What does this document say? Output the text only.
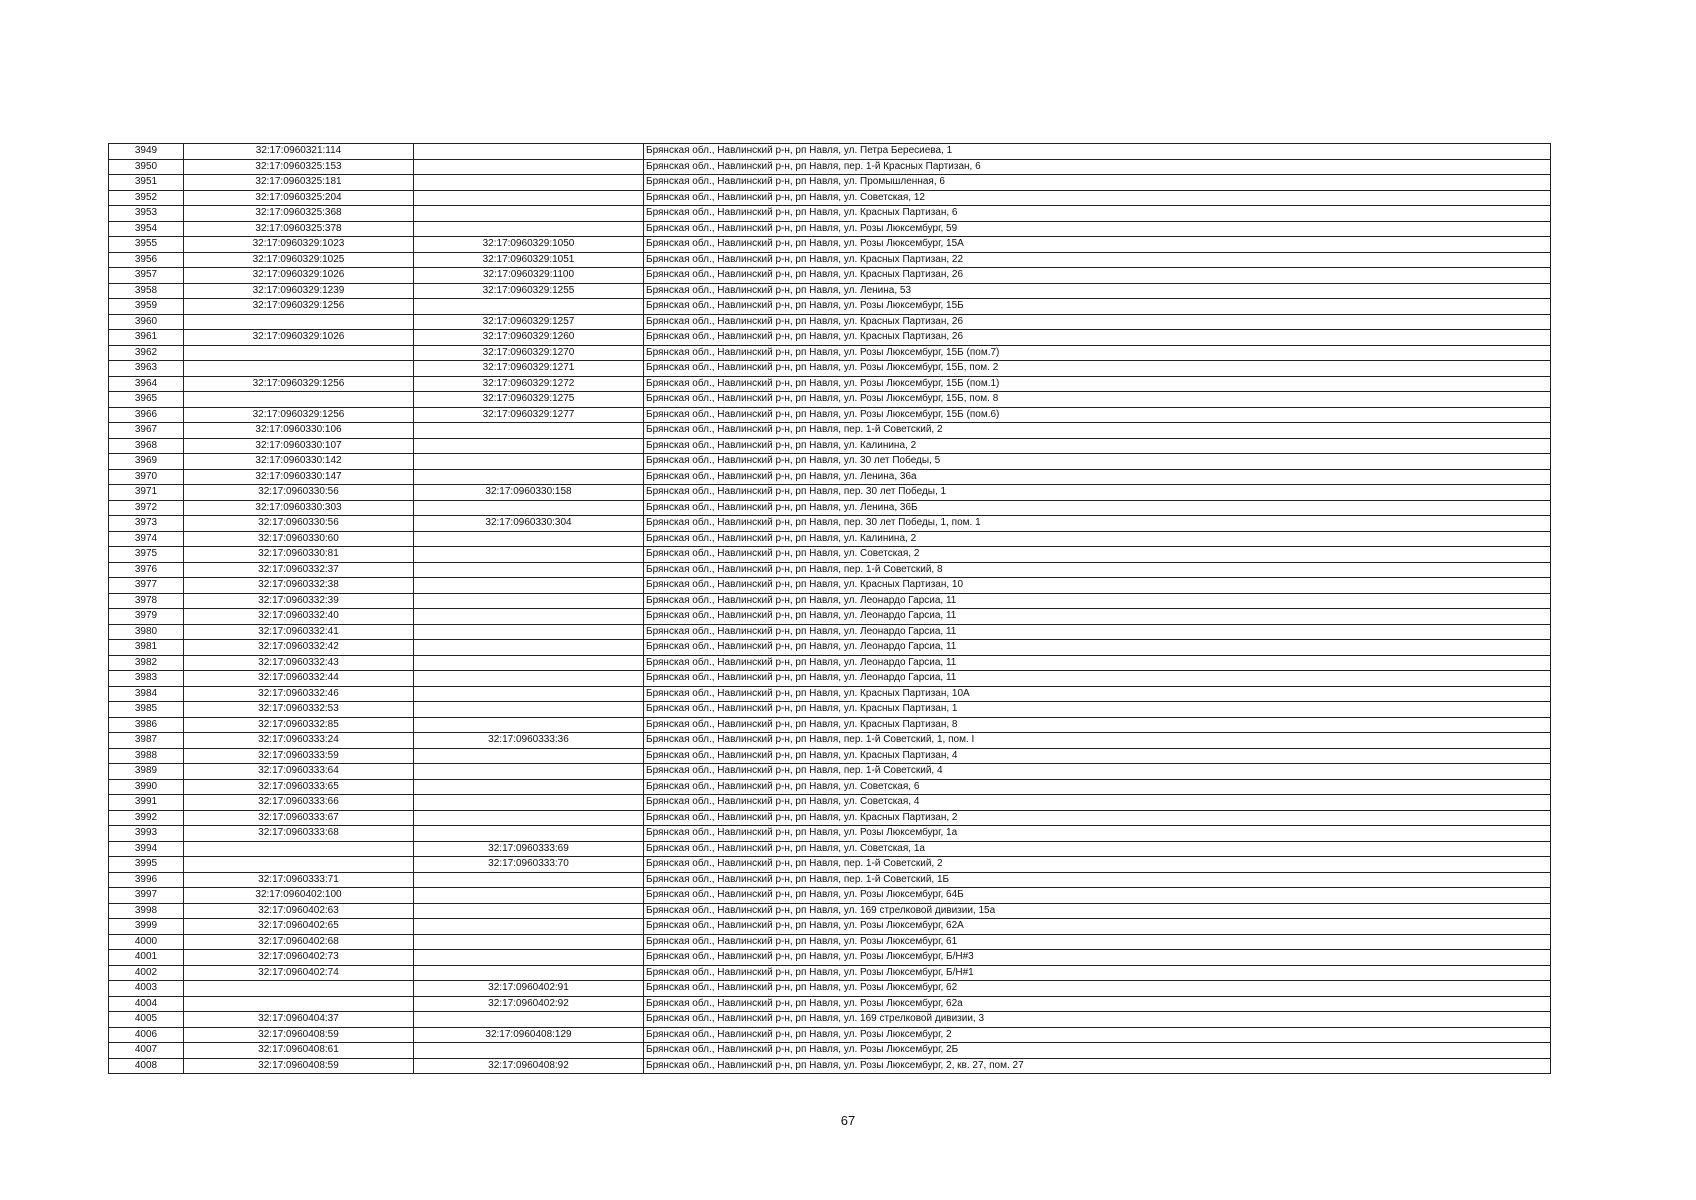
3949	32:17:0960321:114		Брянская обл., Навлинский р-н, рп Навля, ул. Петра Бересиева, 1
3950	32:17:0960325:153		Брянская обл., Навлинский р-н, рп Навля, пер. 1-й Красных Партизан, 6
3951	32:17:0960325:181		Брянская обл., Навлинский р-н, рп Навля, ул. Промышленная, 6
3952	32:17:0960325:204		Брянская обл., Навлинский р-н, рп Навля, ул. Советская, 12
3953	32:17:0960325:368		Брянская обл., Навлинский р-н, рп Навля, ул. Красных Партизан, 6
3954	32:17:0960325:378		Брянская обл., Навлинский р-н, рп Навля, ул. Розы Люксембург, 59
3955	32:17:0960329:1023	32:17:0960329:1050	Брянская обл., Навлинский р-н, рп Навля, ул. Розы Люксембург, 15А
3956	32:17:0960329:1025	32:17:0960329:1051	Брянская обл., Навлинский р-н, рп Навля, ул. Красных Партизан, 22
3957	32:17:0960329:1026	32:17:0960329:1100	Брянская обл., Навлинский р-н, рп Навля, ул. Красных Партизан, 26
3958	32:17:0960329:1239	32:17:0960329:1255	Брянская обл., Навлинский р-н, рп Навля, ул. Ленина, 53
3959	32:17:0960329:1256		Брянская обл., Навлинский р-н, рп Навля, ул. Розы Люксембург, 15Б
3960		32:17:0960329:1257	Брянская обл., Навлинский р-н, рп Навля, ул. Красных Партизан, 26
3961	32:17:0960329:1026	32:17:0960329:1260	Брянская обл., Навлинский р-н, рп Навля, ул. Красных Партизан, 26
3962		32:17:0960329:1270	Брянская обл., Навлинский р-н, рп Навля, ул. Розы Люксембург, 15Б (пом.7)
3963		32:17:0960329:1271	Брянская обл., Навлинский р-н, рп Навля, ул. Розы Люксембург, 15Б, пом. 2
3964	32:17:0960329:1256	32:17:0960329:1272	Брянская обл., Навлинский р-н, рп Навля, ул. Розы Люксембург, 15Б (пом.1)
3965		32:17:0960329:1275	Брянская обл., Навлинский р-н, рп Навля, ул. Розы Люксембург, 15Б, пом. 8
3966	32:17:0960329:1256	32:17:0960329:1277	Брянская обл., Навлинский р-н, рп Навля, ул. Розы Люксембург, 15Б (пом.6)
3967	32:17:0960330:106		Брянская обл., Навлинский р-н, рп Навля, пер. 1-й Советский, 2
3968	32:17:0960330:107		Брянская обл., Навлинский р-н, рп Навля, ул. Калинина, 2
3969	32:17:0960330:142		Брянская обл., Навлинский р-н, рп Навля, ул. 30 лет Победы, 5
3970	32:17:0960330:147		Брянская обл., Навлинский р-н, рп Навля, ул. Ленина, 36а
3971	32:17:0960330:56	32:17:0960330:158	Брянская обл., Навлинский р-н, рп Навля, пер. 30 лет Победы, 1
3972	32:17:0960330:303		Брянская обл., Навлинский р-н, рп Навля, ул. Ленина, 36Б
3973	32:17:0960330:56	32:17:0960330:304	Брянская обл., Навлинский р-н, рп Навля, пер. 30 лет Победы, 1, пом. 1
3974	32:17:0960330:60		Брянская обл., Навлинский р-н, рп Навля, ул. Калинина, 2
3975	32:17:0960330:81		Брянская обл., Навлинский р-н, рп Навля, ул. Советская, 2
3976	32:17:0960332:37		Брянская обл., Навлинский р-н, рп Навля, пер. 1-й Советский, 8
3977	32:17:0960332:38		Брянская обл., Навлинский р-н, рп Навля, ул. Красных Партизан, 10
3978	32:17:0960332:39		Брянская обл., Навлинский р-н, рп Навля, ул. Леонардо Гарсиа, 11
3979	32:17:0960332:40		Брянская обл., Навлинский р-н, рп Навля, ул. Леонардо Гарсиа, 11
3980	32:17:0960332:41		Брянская обл., Навлинский р-н, рп Навля, ул. Леонардо Гарсиа, 11
3981	32:17:0960332:42		Брянская обл., Навлинский р-н, рп Навля, ул. Леонардо Гарсиа, 11
3982	32:17:0960332:43		Брянская обл., Навлинский р-н, рп Навля, ул. Леонардо Гарсиа, 11
3983	32:17:0960332:44		Брянская обл., Навлинский р-н, рп Навля, ул. Леонардо Гарсиа, 11
3984	32:17:0960332:46		Брянская обл., Навлинский р-н, рп Навля, ул. Красных Партизан, 10А
3985	32:17:0960332:53		Брянская обл., Навлинский р-н, рп Навля, ул. Красных Партизан, 1
3986	32:17:0960332:85		Брянская обл., Навлинский р-н, рп Навля, ул. Красных Партизан, 8
3987	32:17:0960333:24	32:17:0960333:36	Брянская обл., Навлинский р-н, рп Навля, пер. 1-й Советский, 1, пом. I
3988	32:17:0960333:59		Брянская обл., Навлинский р-н, рп Навля, ул. Красных Партизан, 4
3989	32:17:0960333:64		Брянская обл., Навлинский р-н, рп Навля, пер. 1-й Советский, 4
3990	32:17:0960333:65		Брянская обл., Навлинский р-н, рп Навля, ул. Советская, 6
3991	32:17:0960333:66		Брянская обл., Навлинский р-н, рп Навля, ул. Советская, 4
3992	32:17:0960333:67		Брянская обл., Навлинский р-н, рп Навля, ул. Красных Партизан, 2
3993	32:17:0960333:68		Брянская обл., Навлинский р-н, рп Навля, ул. Розы Люксембург, 1а
3994		32:17:0960333:69	Брянская обл., Навлинский р-н, рп Навля, ул. Советская, 1а
3995		32:17:0960333:70	Брянская обл., Навлинский р-н, рп Навля, пер. 1-й Советский, 2
3996	32:17:0960333:71		Брянская обл., Навлинский р-н, рп Навля, пер. 1-й Советский, 1Б
3997	32:17:0960402:100		Брянская обл., Навлинский р-н, рп Навля, ул. Розы Люксембург, 64Б
3998	32:17:0960402:63		Брянская обл., Навлинский р-н, рп Навля, ул. 169 стрелковой дивизии, 15а
3999	32:17:0960402:65		Брянская обл., Навлинский р-н, рп Навля, ул. Розы Люксембург, 62А
4000	32:17:0960402:68		Брянская обл., Навлинский р-н, рп Навля, ул. Розы Люксембург, 61
4001	32:17:0960402:73		Брянская обл., Навлинский р-н, рп Навля, ул. Розы Люксембург, Б/Н#3
4002	32:17:0960402:74		Брянская обл., Навлинский р-н, рп Навля, ул. Розы Люксембург, Б/Н#1
4003		32:17:0960402:91	Брянская обл., Навлинский р-н, рп Навля, ул. Розы Люксембург, 62
4004		32:17:0960402:92	Брянская обл., Навлинский р-н, рп Навля, ул. Розы Люксембург, 62а
4005	32:17:0960404:37		Брянская обл., Навлинский р-н, рп Навля, ул. 169 стрелковой дивизии, 3
4006	32:17:0960408:59	32:17:0960408:129	Брянская обл., Навлинский р-н, рп Навля, ул. Розы Люксембург, 2
4007	32:17:0960408:61		Брянская обл., Навлинский р-н, рп Навля, ул. Розы Люксембург, 2Б
4008	32:17:0960408:59	32:17:0960408:92	Брянская обл., Навлинский р-н, рп Навля, ул. Розы Люксембург, 2, кв. 27, пом. 27
67
